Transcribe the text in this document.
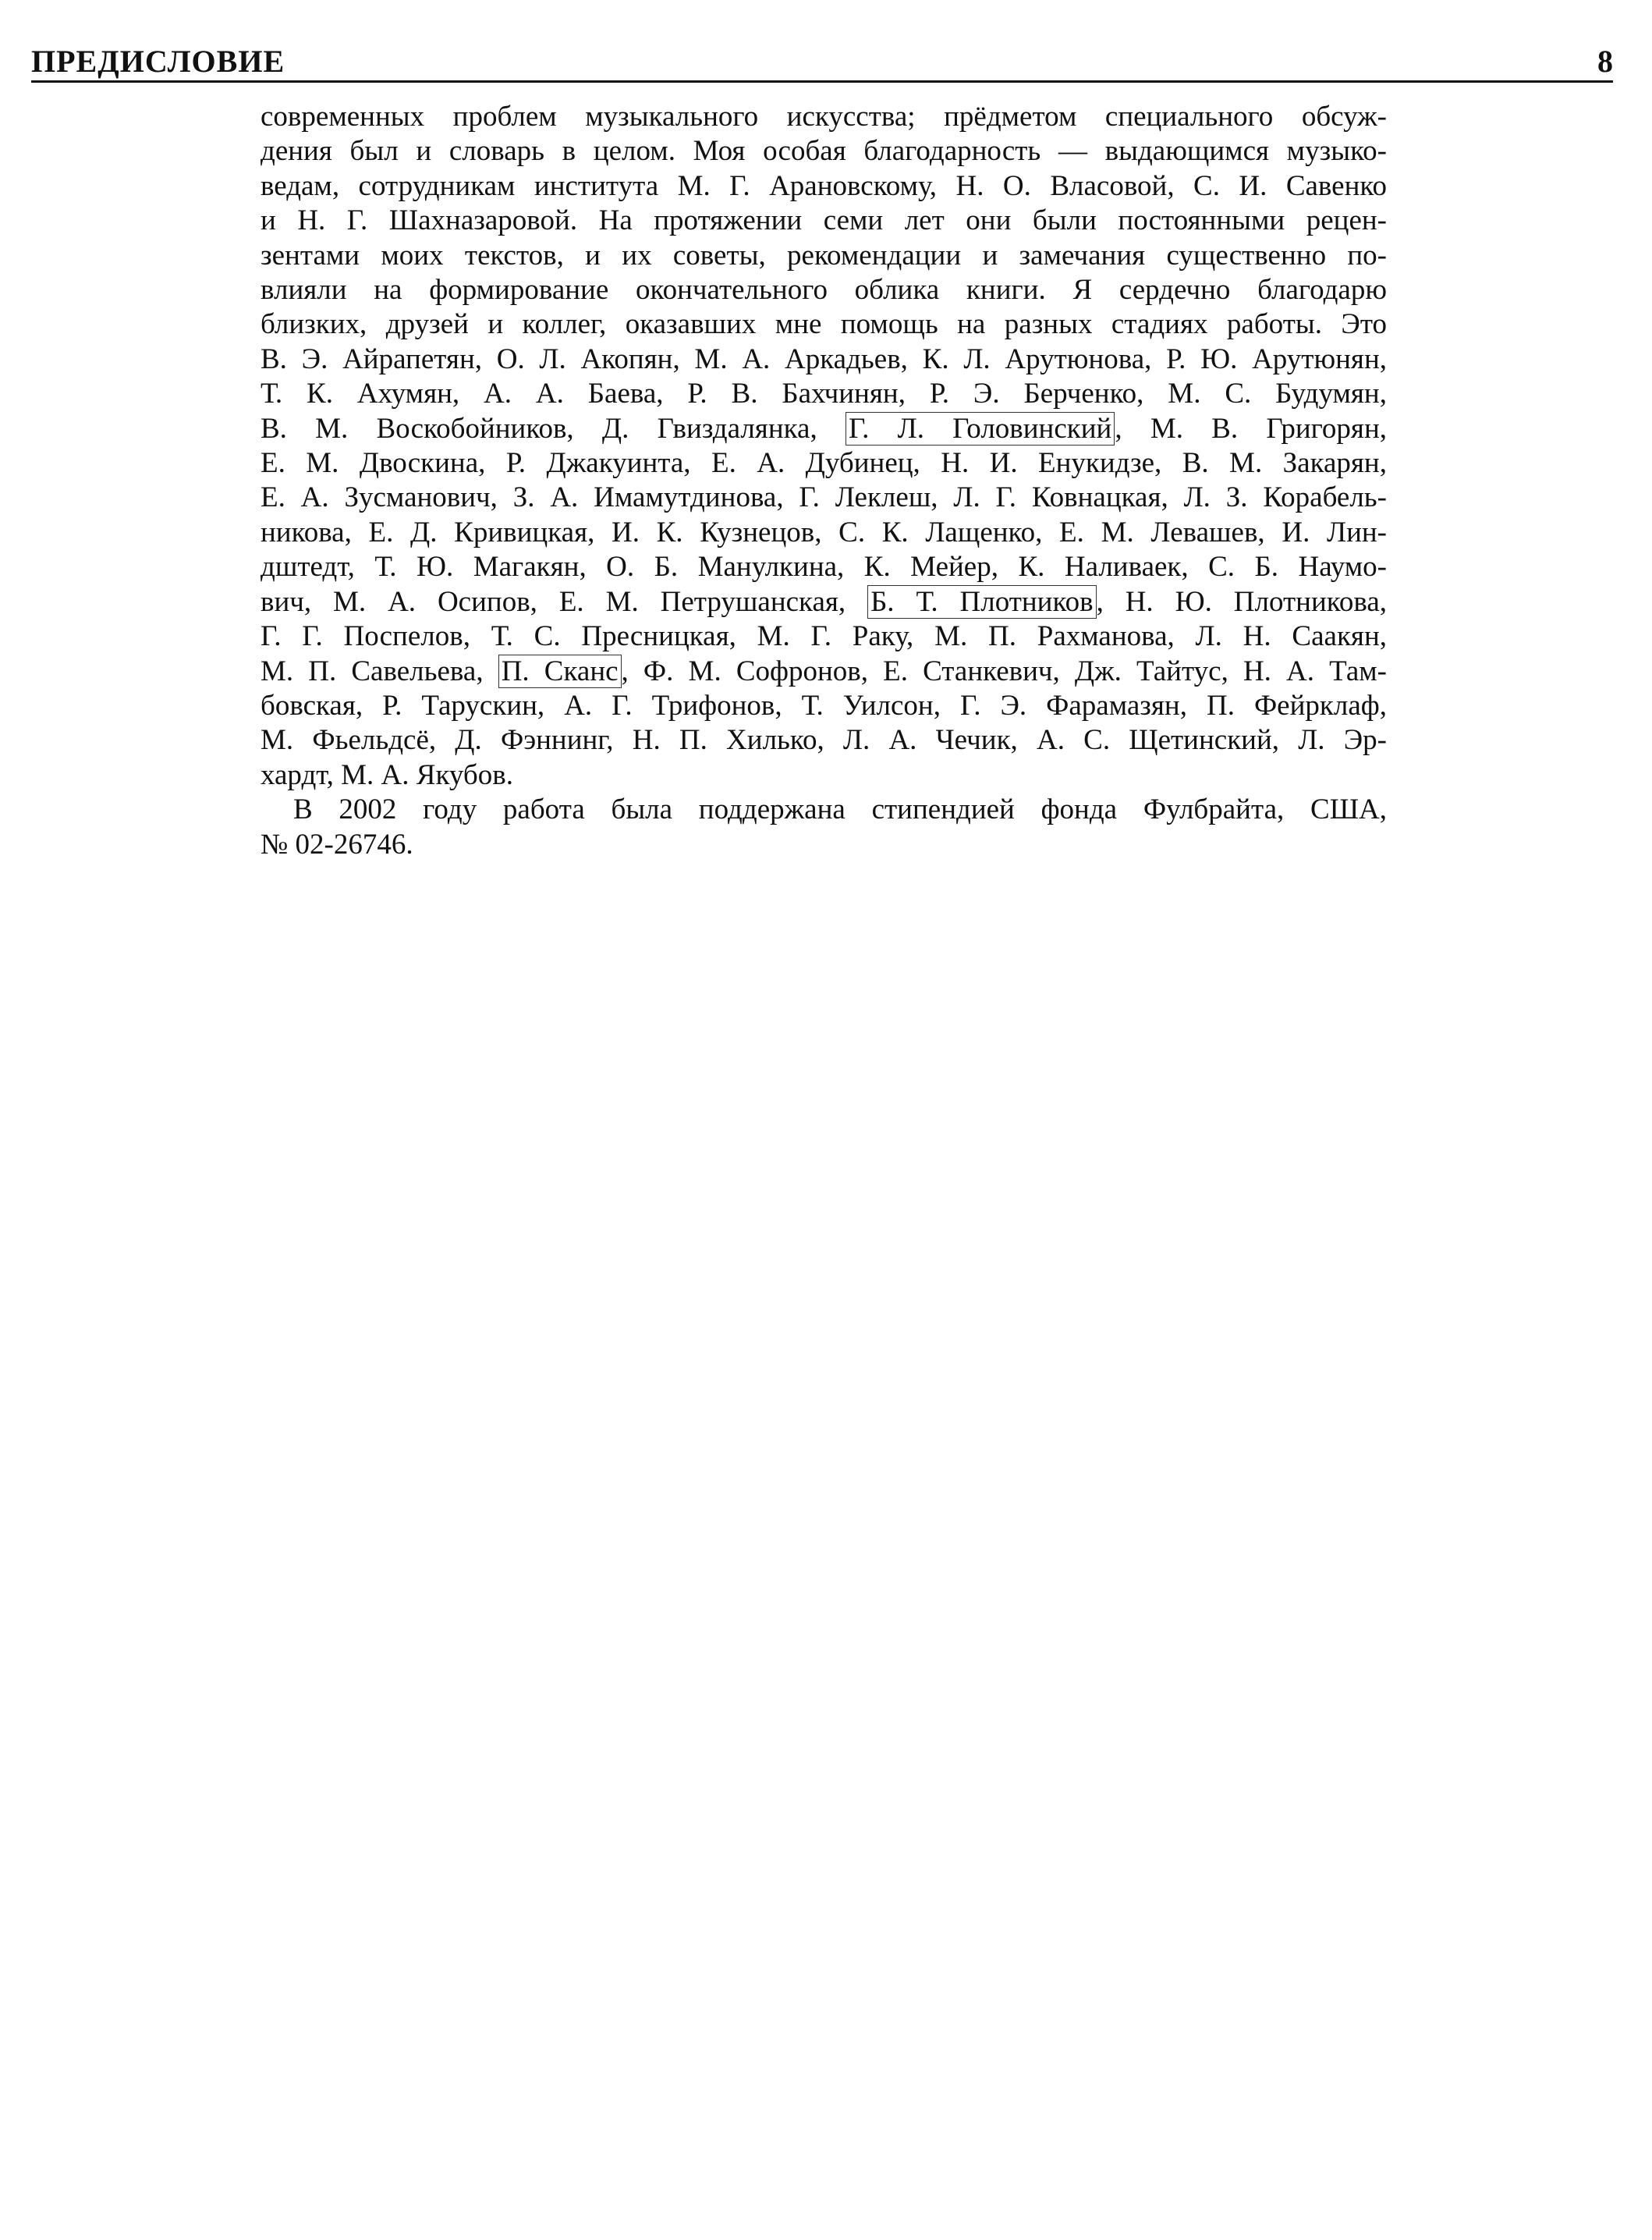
ПРЕДИСЛОВИЕ	8

современных проблем музыкального искусства; прёдметом специального обсуж-
дения был и словарь в целом. Моя особая благодарность — выдающимся музыко-
ведам, сотрудникам института М. Г. Арановскому, Н. О. Власовой, С. И. Савенко
и Н. Г. Шахназаровой. На протяжении семи лет они были постоянными рецен-
зентами моих текстов, и их советы, рекомендации и замечания существенно по-
влияли на формирование окончательного облика книги. Я сердечно благодарю
близких, друзей и коллег, оказавших мне помощь на разных стадиях работы. Это
В. Э. Айрапетян, О. Л. Акопян, М. А. Аркадьев, К. Л. Арутюнова, Р. Ю. Арутюнян,
Т. К. Ахумян, А. А. Баева, Р. В. Бахчинян, Р. Э. Берченко, М. С. Будумян,
В. М. Воскобойников, Д. Гвиздалянка, Г. Л. Головинский , М. В. Григорян,
Е. М. Двоскина, Р. Джакуинта, Е. А. Дубинец, Н. И. Енукидзе, В. М. Закарян,
Е. А. Зусманович, З. А. Имамутдинова, Г. Леклеш, Л. Г. Ковнацкая, Л. З. Корабель-
никова, Е. Д. Кривицкая, И. К. Кузнецов, С. К. Лащенко, Е. М. Левашев, И. Лин-
дштедт, Т. Ю. Магакян, О. Б. Манулкина, К. Мейер, К. Наливаек, С. Б. Наумо-
вич, М. А. Осипов, Е. М. Петрушанская, Б. Т. Плотников , Н. Ю. Плотникова,
Г. Г. Поспелов, Т. С. Пресницкая, М. Г. Раку, М. П. Рахманова, Л. Н. Саакян,
М. П. Савельева, П. Сканс , Ф. М. Софронов, Е. Станкевич, Дж. Тайтус, Н. А. Там-
бовская, Р. Тарускин, А. Г. Трифонов, Т. Уилсон, Г. Э. Фарамазян, П. Фейрклаф,
М. Фьельдсё, Д. Фэннинг, Н. П. Хилько, Л. А. Чечик, А. С. Щетинский, Л. Эр-
хардт, М. А. Якубов.

В 2002 году работа была поддержана стипендией фонда Фулбрайта, США,
№ 02-26746.
